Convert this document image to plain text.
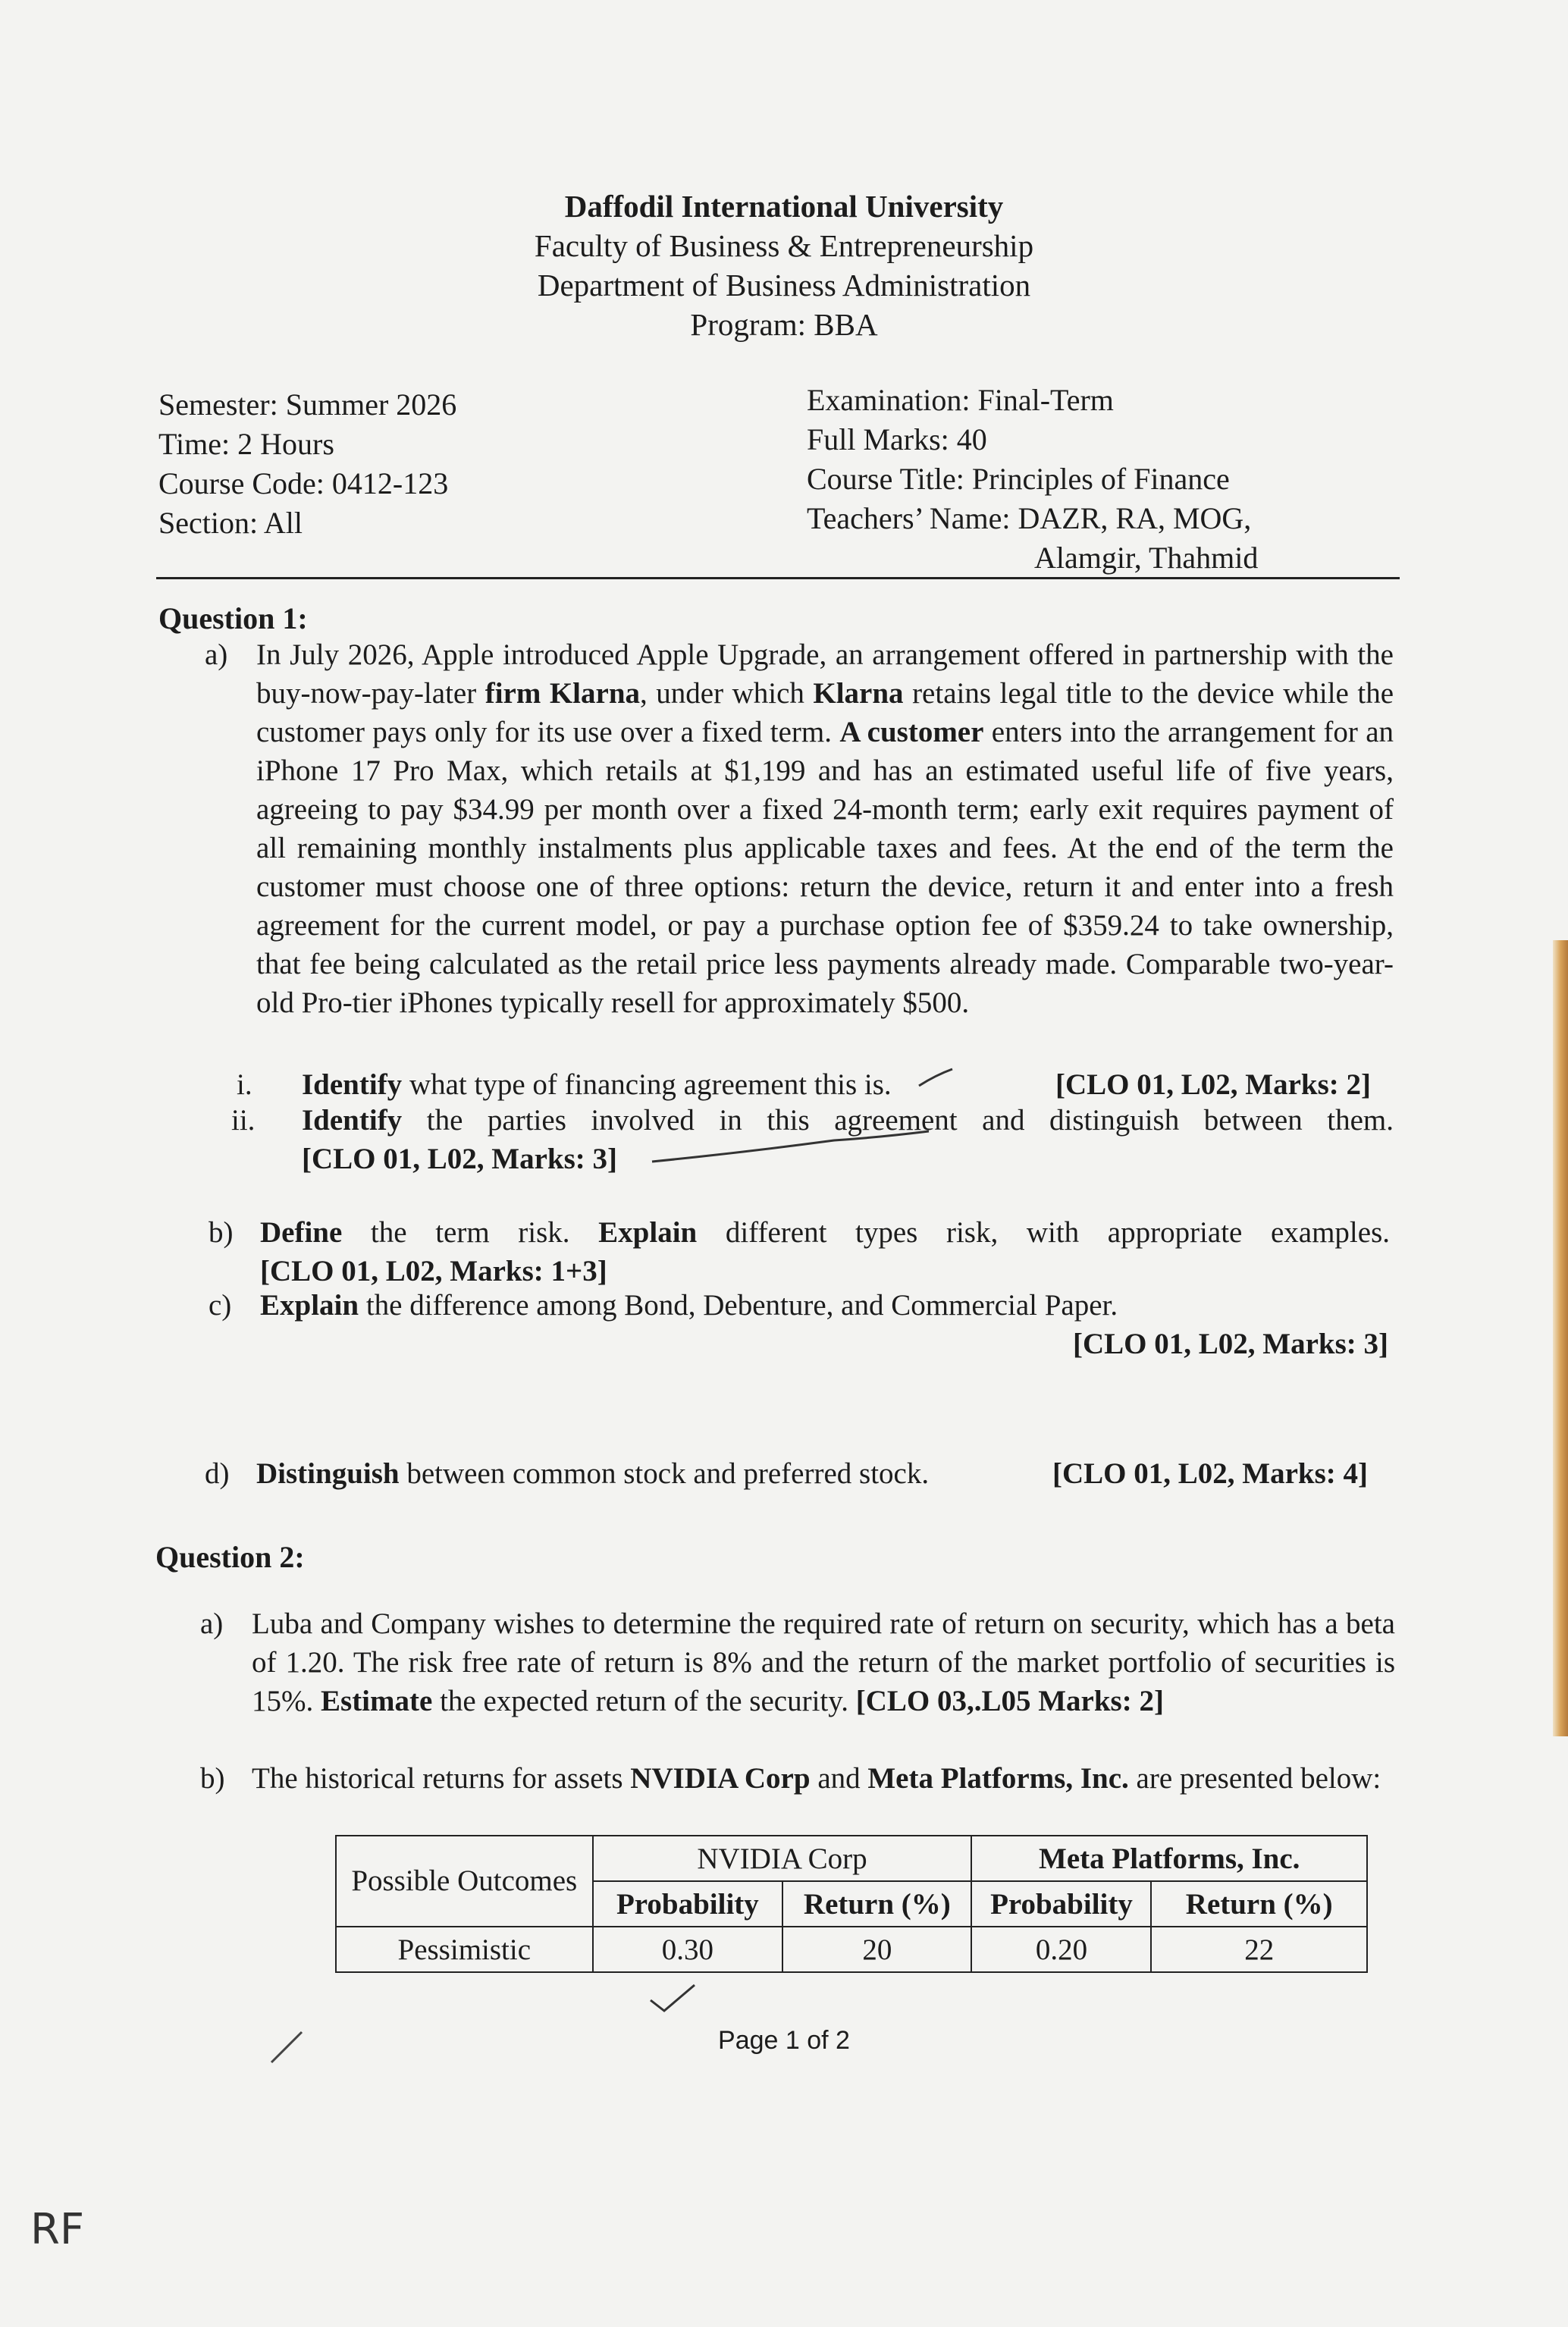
Daffodil International University
Faculty of Business & Entrepreneurship
Department of Business Administration
Program: BBA
Semester: Summer 2026
Time: 2 Hours
Course Code: 0412-123
Section: All
Examination: Final-Term
Full Marks: 40
Course Title: Principles of Finance
Teachers’ Name: DAZR, RA, MOG,
Alamgir, Thahmid
Question 1:
a) In July 2026, Apple introduced Apple Upgrade, an arrangement offered in partnership with the buy-now-pay-later firm Klarna, under which Klarna retains legal title to the device while the customer pays only for its use over a fixed term. A customer enters into the arrangement for an iPhone 17 Pro Max, which retails at $1,199 and has an estimated useful life of five years, agreeing to pay $34.99 per month over a fixed 24-month term; early exit requires payment of all remaining monthly instalments plus applicable taxes and fees. At the end of the term the customer must choose one of three options: return the device, return it and enter into a fresh agreement for the current model, or pay a purchase option fee of $359.24 to take ownership, that fee being calculated as the retail price less payments already made. Comparable two-year-old Pro-tier iPhones typically resell for approximately $500.
i. Identify what type of financing agreement this is.	[CLO 01, L02, Marks: 2]
ii. Identify the parties involved in this agreement and distinguish between them.
[CLO 01, L02, Marks: 3]
b) Define the term risk. Explain different types risk, with appropriate examples.
[CLO 01, L02, Marks: 1+3]
c) Explain the difference among Bond, Debenture, and Commercial Paper.
[CLO 01, L02, Marks: 3]
d) Distinguish between common stock and preferred stock.	[CLO 01, L02, Marks: 4]
Question 2:
a) Luba and Company wishes to determine the required rate of return on security, which has a beta of 1.20. The risk free rate of return is 8% and the return of the market portfolio of securities is 15%. Estimate the expected return of the security. [CLO 03,.L05 Marks: 2]
b) The historical returns for assets NVIDIA Corp and Meta Platforms, Inc. are presented below:
Possible Outcomes	NVIDIA Corp		Meta Platforms, Inc.	
	Probability	Return (%)	Probability	Return (%)
Pessimistic	0.30	20	0.20	22
Page 1 of 2
RF
